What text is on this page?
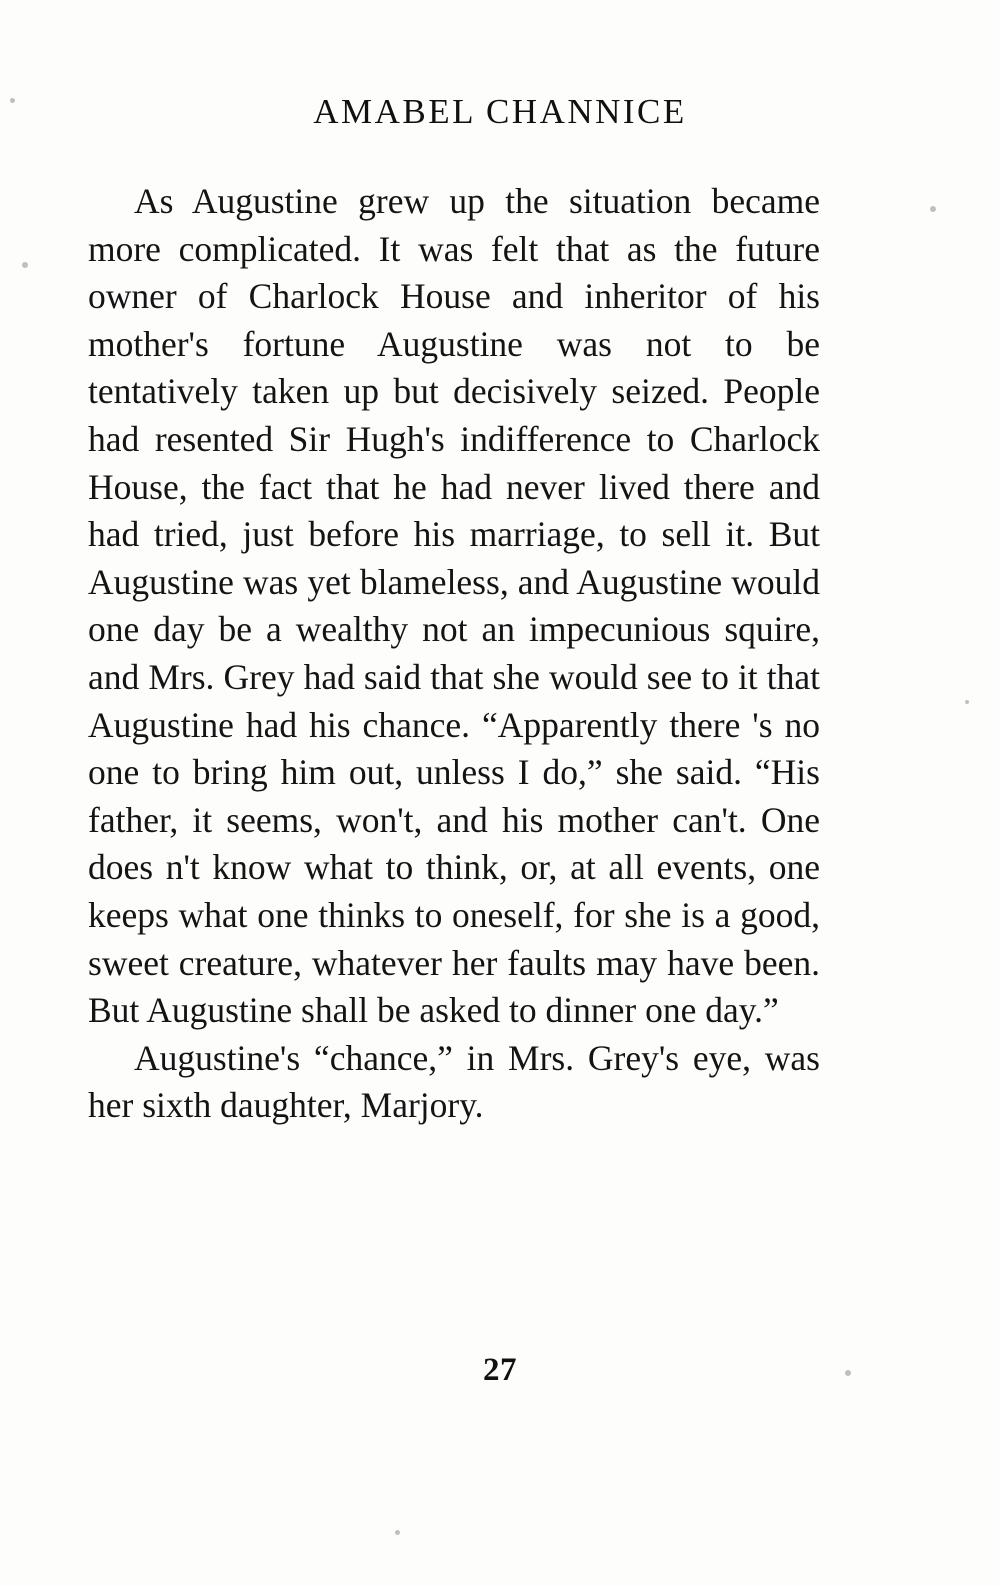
AMABEL CHANNICE

As Augustine grew up the situation became more complicated. It was felt that as the future owner of Charlock House and inheritor of his mother's fortune Augustine was not to be tentatively taken up but decisively seized. People had resented Sir Hugh's indifference to Charlock House, the fact that he had never lived there and had tried, just before his marriage, to sell it. But Augustine was yet blameless, and Augustine would one day be a wealthy not an impecunious squire, and Mrs. Grey had said that she would see to it that Augustine had his chance. “Apparently there 's no one to bring him out, unless I do,” she said. “His father, it seems, won't, and his mother can't. One does n't know what to think, or, at all events, one keeps what one thinks to oneself, for she is a good, sweet creature, whatever her faults may have been. But Augustine shall be asked to dinner one day.”

Augustine's “chance,” in Mrs. Grey's eye, was her sixth daughter, Marjory.

27
